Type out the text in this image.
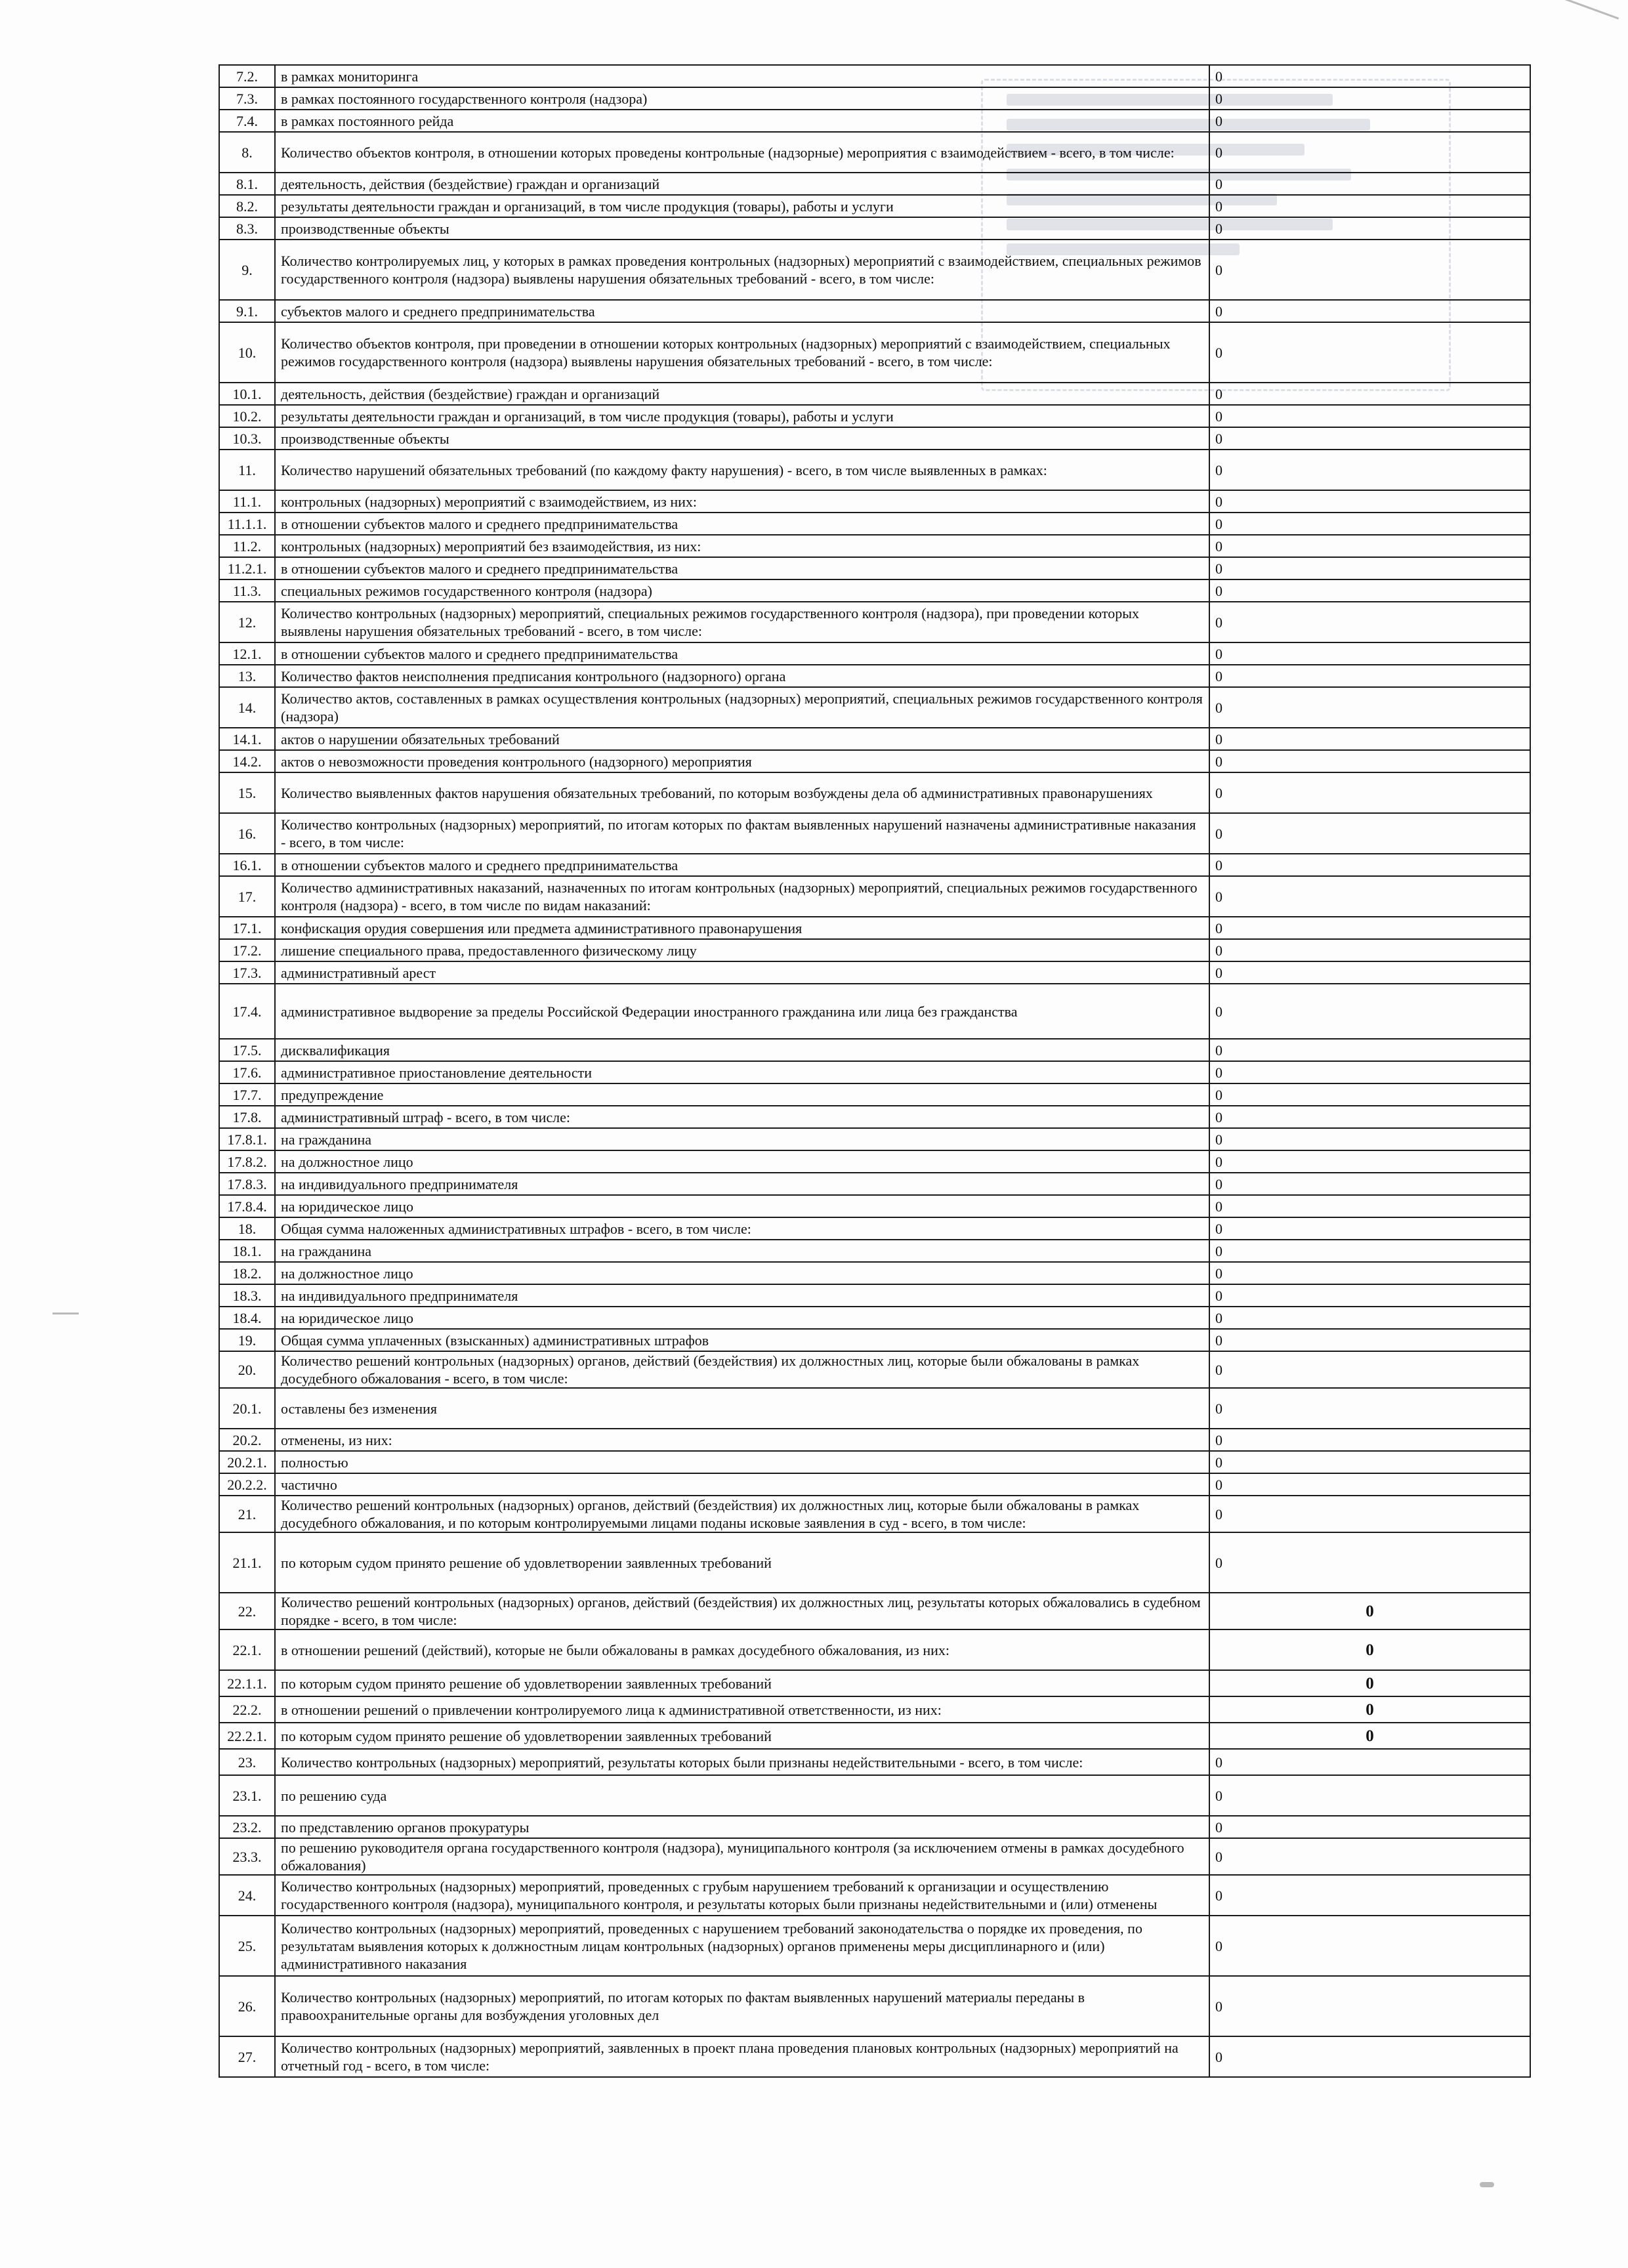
7.2.	в рамках мониторинга	0
7.3.	в рамках постоянного государственного контроля (надзора)	0
7.4.	в рамках постоянного рейда	0
8.	Количество объектов контроля, в отношении которых проведены контрольные (надзорные) мероприятия с взаимодействием - всего, в том числе:	0
8.1.	деятельность, действия (бездействие) граждан и организаций	0
8.2.	результаты деятельности граждан и организаций, в том числе продукция (товары), работы и услуги	0
8.3.	производственные объекты	0
9.	Количество контролируемых лиц, у которых в рамках проведения контрольных (надзорных) мероприятий с взаимодействием, специальных режимов государственного контроля (надзора) выявлены нарушения обязательных требований - всего, в том числе:	0
9.1.	субъектов малого и среднего предпринимательства	0
10.	Количество объектов контроля, при проведении в отношении которых контрольных (надзорных) мероприятий с взаимодействием, специальных режимов государственного контроля (надзора) выявлены нарушения обязательных требований - всего, в том числе:	0
10.1.	деятельность, действия (бездействие) граждан и организаций	0
10.2.	результаты деятельности граждан и организаций, в том числе продукция (товары), работы и услуги	0
10.3.	производственные объекты	0
11.	Количество нарушений обязательных требований (по каждому факту нарушения) - всего, в том числе выявленных в рамках:	0
11.1.	контрольных (надзорных) мероприятий с взаимодействием, из них:	0
11.1.1.	в отношении субъектов малого и среднего предпринимательства	0
11.2.	контрольных (надзорных) мероприятий без взаимодействия, из них:	0
11.2.1.	в отношении субъектов малого и среднего предпринимательства	0
11.3.	специальных режимов государственного контроля (надзора)	0
12.	Количество контрольных (надзорных) мероприятий, специальных режимов государственного контроля (надзора), при проведении которых выявлены нарушения обязательных требований - всего, в том числе:	0
12.1.	в отношении субъектов малого и среднего предпринимательства	0
13.	Количество фактов неисполнения предписания контрольного (надзорного) органа	0
14.	Количество актов, составленных в рамках осуществления контрольных (надзорных) мероприятий, специальных режимов государственного контроля (надзора)	0
14.1.	актов о нарушении обязательных требований	0
14.2.	актов о невозможности проведения контрольного (надзорного) мероприятия	0
15.	Количество выявленных фактов нарушения обязательных требований, по которым возбуждены дела об административных правонарушениях	0
16.	Количество контрольных (надзорных) мероприятий, по итогам которых по фактам выявленных нарушений назначены административные наказания - всего, в том числе:	0
16.1.	в отношении субъектов малого и среднего предпринимательства	0
17.	Количество административных наказаний, назначенных по итогам контрольных (надзорных) мероприятий, специальных режимов государственного контроля (надзора) - всего, в том числе по видам наказаний:	0
17.1.	конфискация орудия совершения или предмета административного правонарушения	0
17.2.	лишение специального права, предоставленного физическому лицу	0
17.3.	административный арест	0
17.4.	административное выдворение за пределы Российской Федерации иностранного гражданина или лица без гражданства	0
17.5.	дисквалификация	0
17.6.	административное приостановление деятельности	0
17.7.	предупреждение	0
17.8.	административный штраф - всего, в том числе:	0
17.8.1.	на гражданина	0
17.8.2.	на должностное лицо	0
17.8.3.	на индивидуального предпринимателя	0
17.8.4.	на юридическое лицо	0
18.	Общая сумма наложенных административных штрафов - всего, в том числе:	0
18.1.	на гражданина	0
18.2.	на должностное лицо	0
18.3.	на индивидуального предпринимателя	0
18.4.	на юридическое лицо	0
19.	Общая сумма уплаченных (взысканных) административных штрафов	0
20.	Количество решений контрольных (надзорных) органов, действий (бездействия) их должностных лиц, которые были обжалованы в рамках досудебного обжалования - всего, в том числе:	0
20.1.	оставлены без изменения	0
20.2.	отменены, из них:	0
20.2.1.	полностью	0
20.2.2.	частично	0
21.	Количество решений контрольных (надзорных) органов, действий (бездействия) их должностных лиц, которые были обжалованы в рамках досудебного обжалования, и по которым контролируемыми лицами поданы исковые заявления в суд - всего, в том числе:	0
21.1.	по которым судом принято решение об удовлетворении заявленных требований	0
22.	Количество решений контрольных (надзорных) органов, действий (бездействия) их должностных лиц, результаты которых обжаловались в судебном порядке - всего, в том числе:	0
22.1.	в отношении решений (действий), которые не были обжалованы в рамках досудебного обжалования, из них:	0
22.1.1.	по которым судом принято решение об удовлетворении заявленных требований	0
22.2.	в отношении решений о привлечении контролируемого лица к административной ответственности, из них:	0
22.2.1.	по которым судом принято решение об удовлетворении заявленных требований	0
23.	Количество контрольных (надзорных) мероприятий, результаты которых были признаны недействительными - всего, в том числе:	0
23.1.	по решению суда	0
23.2.	по представлению органов прокуратуры	0
23.3.	по решению руководителя органа государственного контроля (надзора), муниципального контроля (за исключением отмены в рамках досудебного обжалования)	0
24.	Количество контрольных (надзорных) мероприятий, проведенных с грубым нарушением требований к организации и осуществлению государственного контроля (надзора), муниципального контроля, и результаты которых были признаны недействительными и (или) отменены	0
25.	Количество контрольных (надзорных) мероприятий, проведенных с нарушением требований законодательства о порядке их проведения, по результатам выявления которых к должностным лицам контрольных (надзорных) органов применены меры дисциплинарного и (или) административного наказания	0
26.	Количество контрольных (надзорных) мероприятий, по итогам которых по фактам выявленных нарушений материалы переданы в правоохранительные органы для возбуждения уголовных дел	0
27.	Количество контрольных (надзорных) мероприятий, заявленных в проект плана проведения плановых контрольных (надзорных) мероприятий на отчетный год - всего, в том числе:	0
